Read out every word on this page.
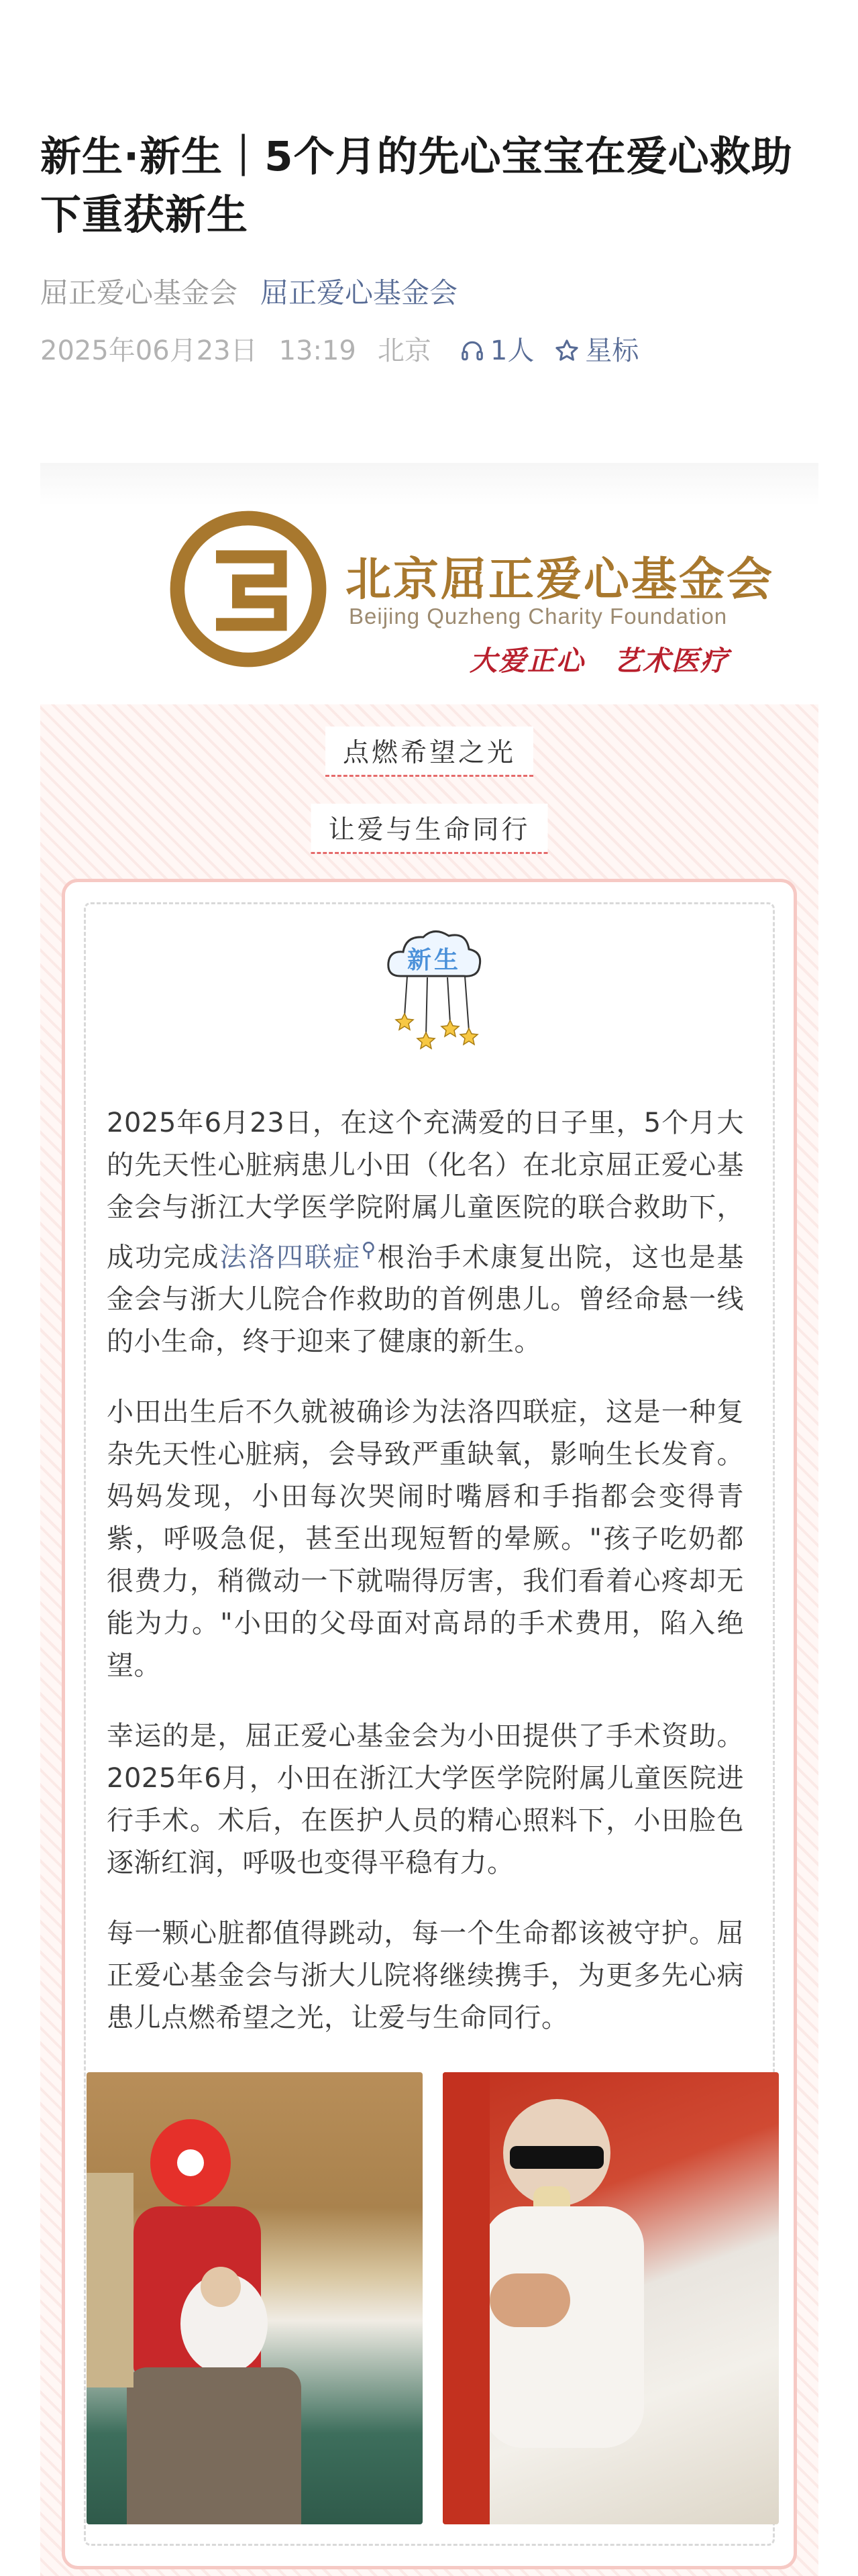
新生·新生｜5个月的先心宝宝在爱心救助下重获新生
屈正爱心基金会 屈正爱心基金会
2025年06月23日 13:19 北京 1人 星标
北京屈正爱心基金会
Beijing Quzheng Charity Foundation
大爱正心　艺术医疗
点燃希望之光
让爱与生命同行
新生

2025年6月23日，在这个充满爱的日子里，5个月大的先天性心脏病患儿小田（化名）在北京屈正爱心基金会与浙江大学医学院附属儿童医院的联合救助下，成功完成法洛四联症⚲根治手术康复出院，这也是基金会与浙大儿院合作救助的首例患儿。曾经命悬一线的小生命，终于迎来了健康的新生。

小田出生后不久就被确诊为法洛四联症，这是一种复杂先天性心脏病，会导致严重缺氧，影响生长发育。妈妈发现，小田每次哭闹时嘴唇和手指都会变得青紫，呼吸急促，甚至出现短暂的晕厥。"孩子吃奶都很费力，稍微动一下就喘得厉害，我们看着心疼却无能为力。"小田的父母面对高昂的手术费用，陷入绝望。

幸运的是，屈正爱心基金会为小田提供了手术资助。2025年6月，小田在浙江大学医学院附属儿童医院进行手术。术后，在医护人员的精心照料下，小田脸色逐渐红润，呼吸也变得平稳有力。

每一颗心脏都值得跳动，每一个生命都该被守护。屈正爱心基金会与浙大儿院将继续携手，为更多先心病患儿点燃希望之光，让爱与生命同行。
